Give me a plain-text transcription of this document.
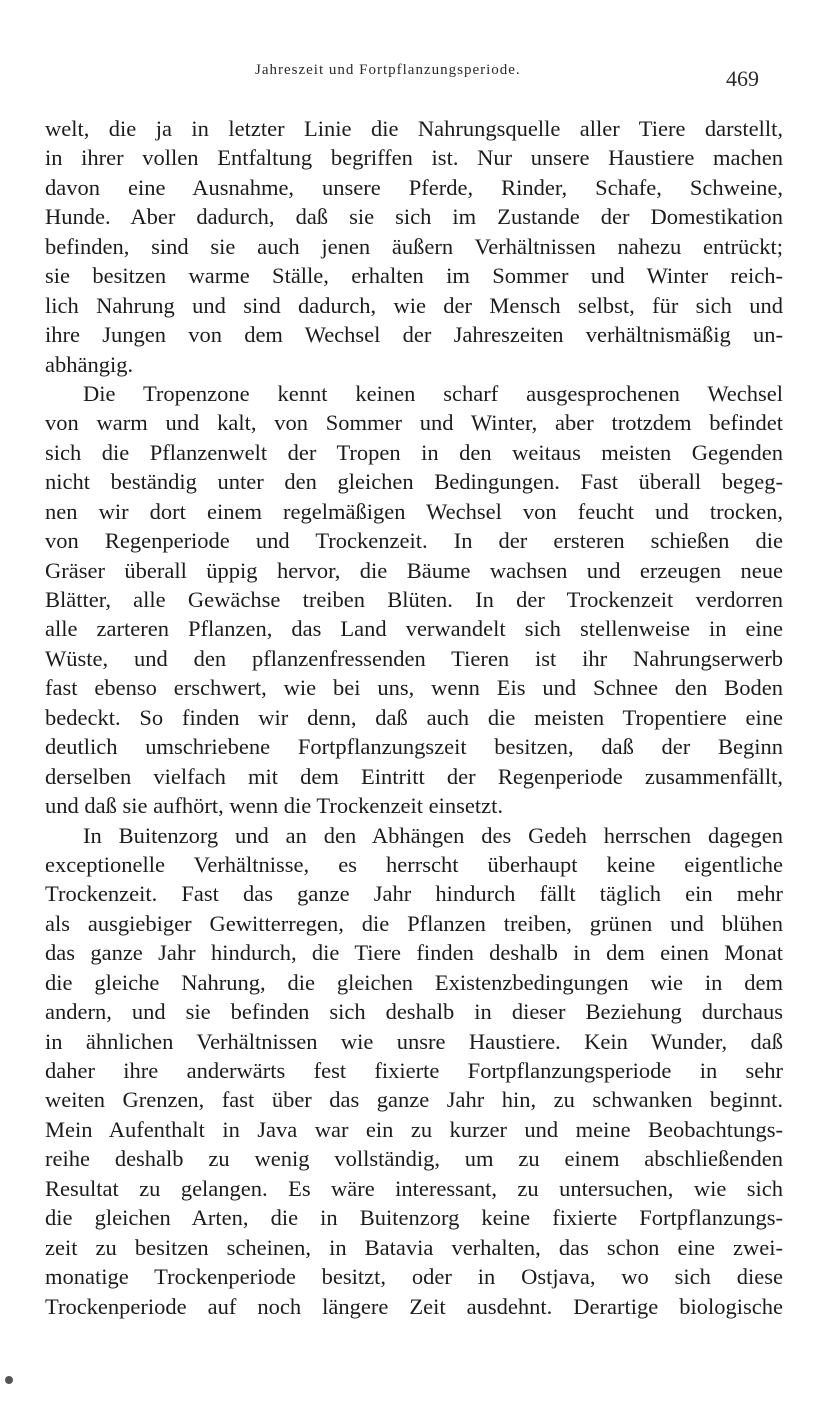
Jahreszeit und Fortpflanzungsperiode.	469
welt, die ja in letzter Linie die Nahrungsquelle aller Tiere darstellt,
in ihrer vollen Entfaltung begriffen ist. Nur unsere Haustiere machen
davon eine Ausnahme, unsere Pferde, Rinder, Schafe, Schweine,
Hunde. Aber dadurch, daß sie sich im Zustande der Domestikation
befinden, sind sie auch jenen äußern Verhältnissen nahezu entrückt;
sie besitzen warme Ställe, erhalten im Sommer und Winter reich-
lich Nahrung und sind dadurch, wie der Mensch selbst, für sich und
ihre Jungen von dem Wechsel der Jahreszeiten verhältnismäßig un-
abhängig.
Die Tropenzone kennt keinen scharf ausgesprochenen Wechsel
von warm und kalt, von Sommer und Winter, aber trotzdem befindet
sich die Pflanzenwelt der Tropen in den weitaus meisten Gegenden
nicht beständig unter den gleichen Bedingungen. Fast überall begeg-
nen wir dort einem regelmäßigen Wechsel von feucht und trocken,
von Regenperiode und Trockenzeit. In der ersteren schießen die
Gräser überall üppig hervor, die Bäume wachsen und erzeugen neue
Blätter, alle Gewächse treiben Blüten. In der Trockenzeit verdorren
alle zarteren Pflanzen, das Land verwandelt sich stellenweise in eine
Wüste, und den pflanzenfressenden Tieren ist ihr Nahrungserwerb
fast ebenso erschwert, wie bei uns, wenn Eis und Schnee den Boden
bedeckt. So finden wir denn, daß auch die meisten Tropentiere eine
deutlich umschriebene Fortpflanzungszeit besitzen, daß der Beginn
derselben vielfach mit dem Eintritt der Regenperiode zusammenfällt,
und daß sie aufhört, wenn die Trockenzeit einsetzt.
In Buitenzorg und an den Abhängen des Gedeh herrschen dagegen
exceptionelle Verhältnisse, es herrscht überhaupt keine eigentliche
Trockenzeit. Fast das ganze Jahr hindurch fällt täglich ein mehr
als ausgiebiger Gewitterregen, die Pflanzen treiben, grünen und blühen
das ganze Jahr hindurch, die Tiere finden deshalb in dem einen Monat
die gleiche Nahrung, die gleichen Existenzbedingungen wie in dem
andern, und sie befinden sich deshalb in dieser Beziehung durchaus
in ähnlichen Verhältnissen wie unsre Haustiere. Kein Wunder, daß
daher ihre anderwärts fest fixierte Fortpflanzungsperiode in sehr
weiten Grenzen, fast über das ganze Jahr hin, zu schwanken beginnt.
Mein Aufenthalt in Java war ein zu kurzer und meine Beobachtungs-
reihe deshalb zu wenig vollständig, um zu einem abschließenden
Resultat zu gelangen. Es wäre interessant, zu untersuchen, wie sich
die gleichen Arten, die in Buitenzorg keine fixierte Fortpflanzungs-
zeit zu besitzen scheinen, in Batavia verhalten, das schon eine zwei-
monatige Trockenperiode besitzt, oder in Ostjava, wo sich diese
Trockenperiode auf noch längere Zeit ausdehnt. Derartige biologische
